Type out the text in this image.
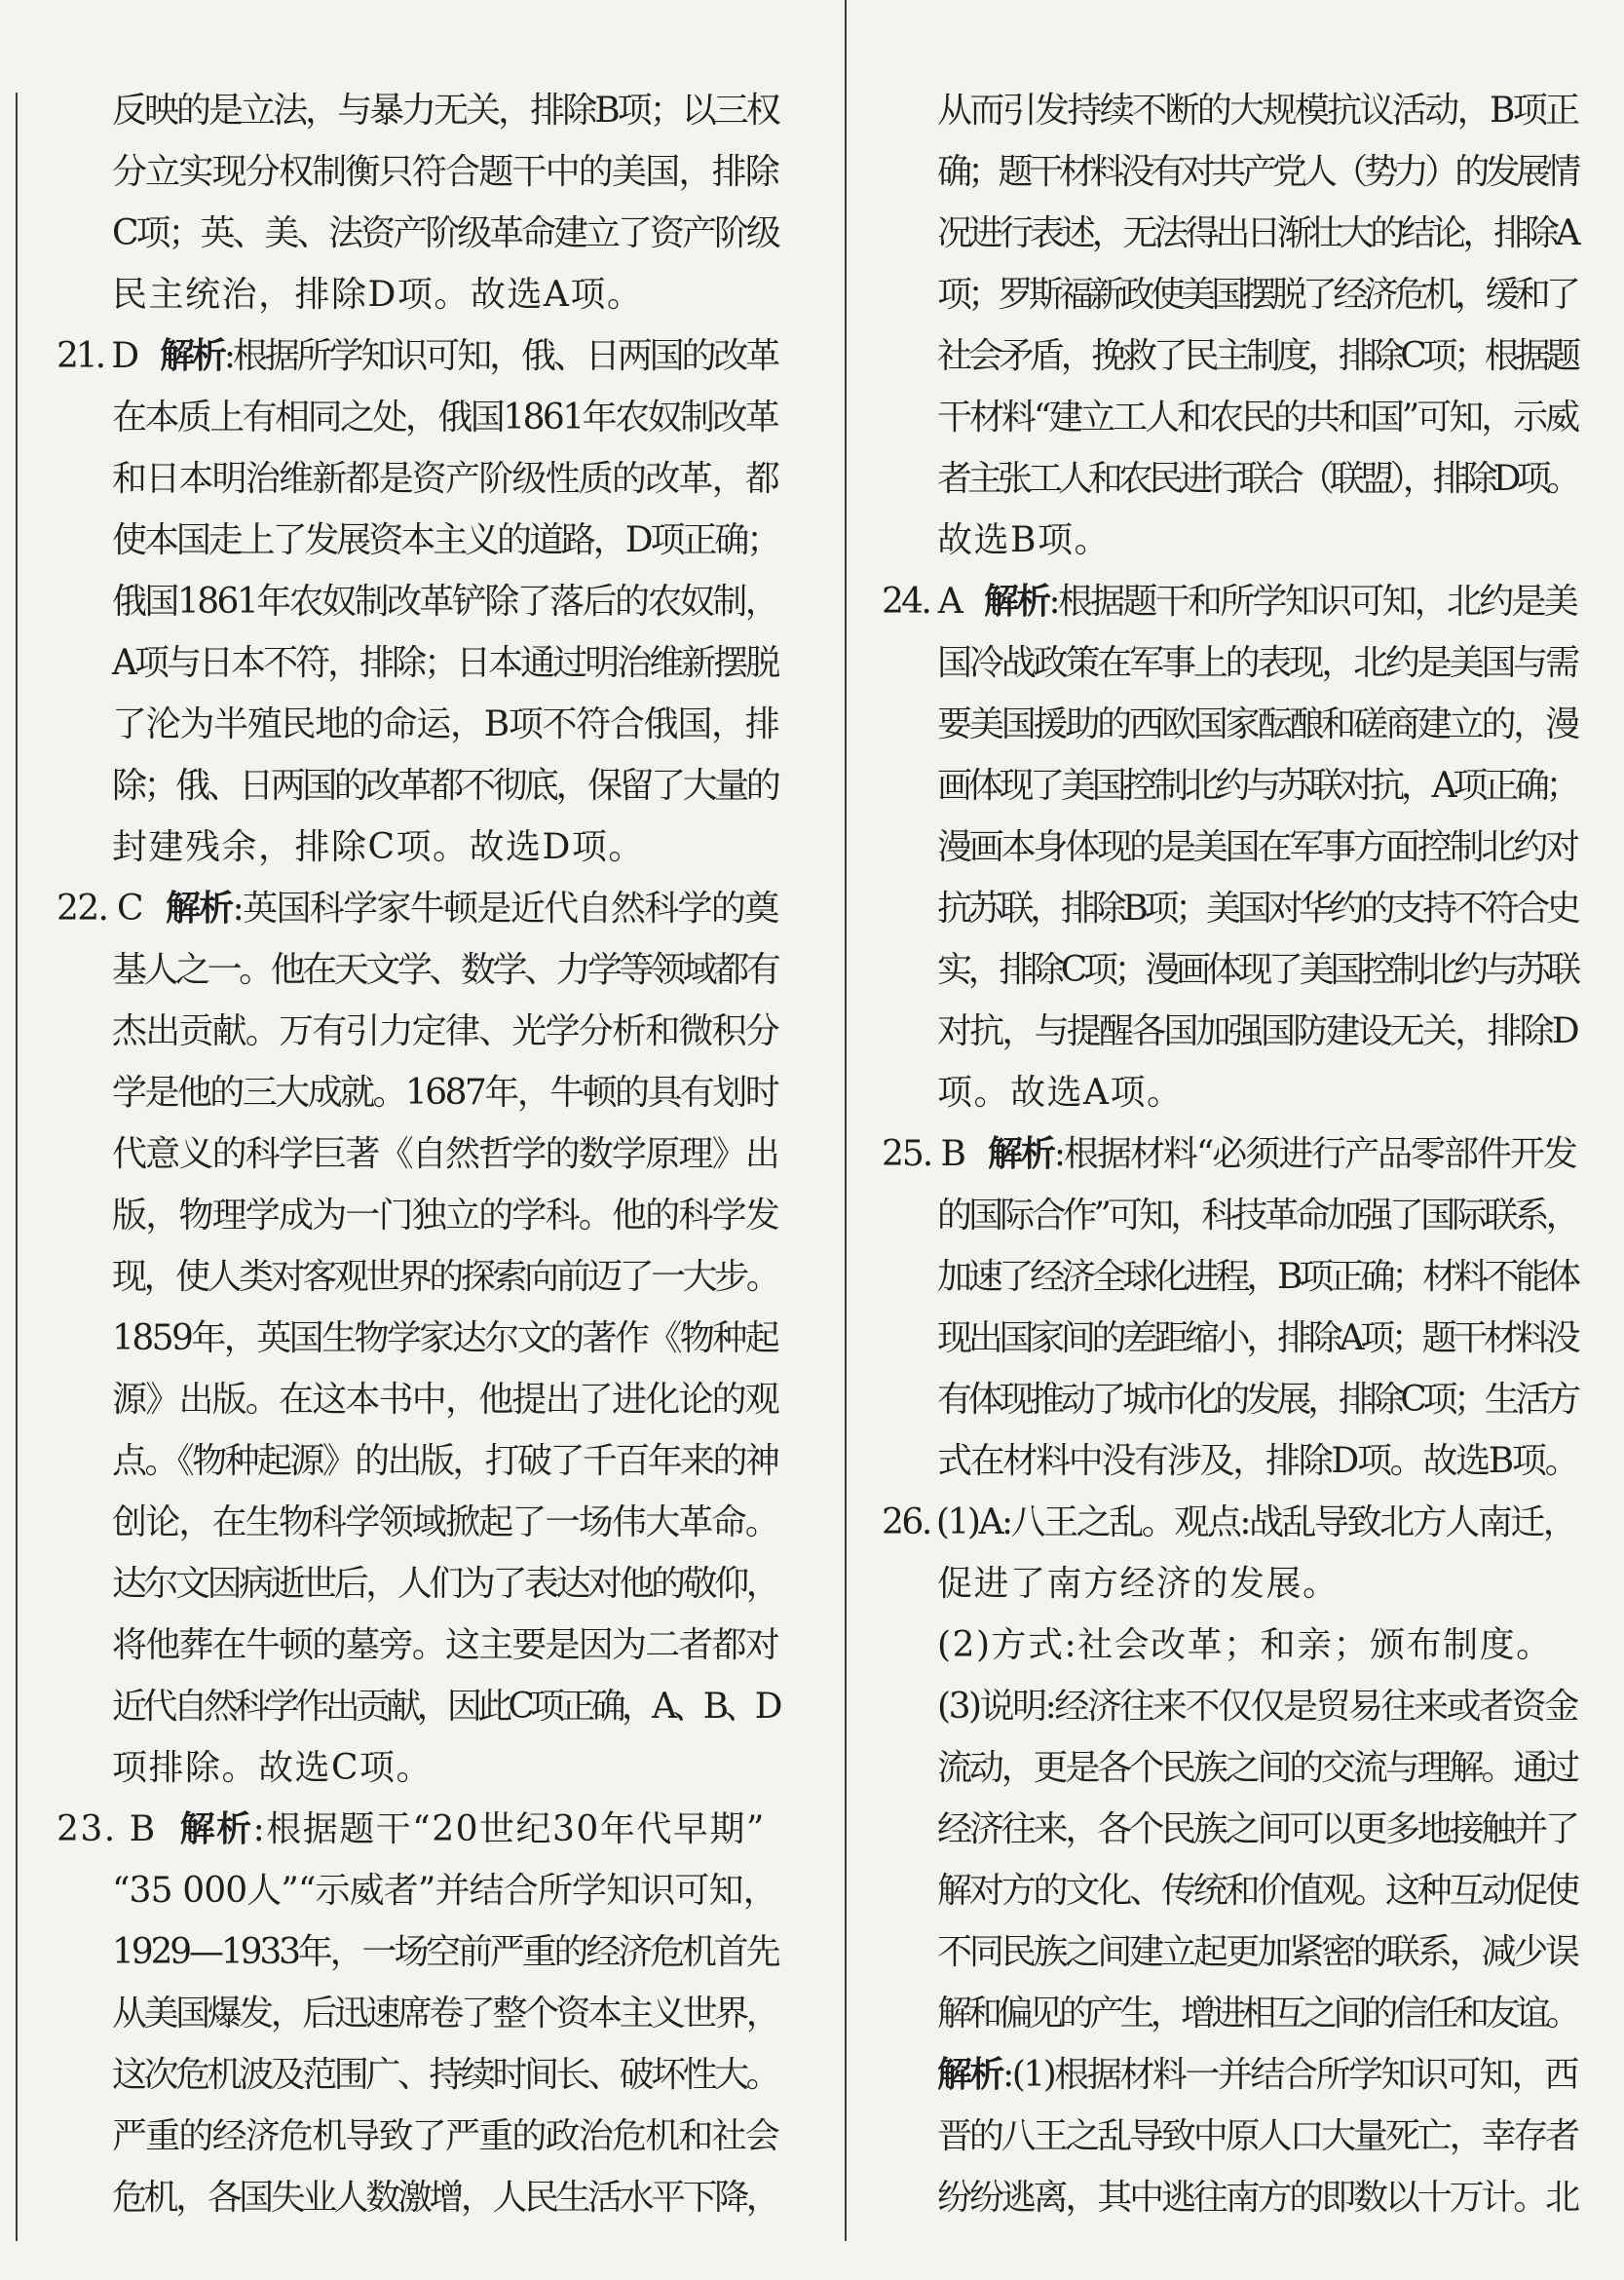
反映的是立法，与暴力无关，排除B项；以三权
分立实现分权制衡只符合题干中的美国，排除
C项；英、美、法资产阶级革命建立了资产阶级
民主统治，排除D项。故选A项。
21. D 解析:根据所学知识可知，俄、日两国的改革
在本质上有相同之处，俄国1861年农奴制改革
和日本明治维新都是资产阶级性质的改革，都
使本国走上了发展资本主义的道路，D项正确；
俄国1861年农奴制改革铲除了落后的农奴制，
A项与日本不符，排除；日本通过明治维新摆脱
了沦为半殖民地的命运，B项不符合俄国，排
除；俄、日两国的改革都不彻底，保留了大量的
封建残余，排除C项。故选D项。
22. C 解析:英国科学家牛顿是近代自然科学的奠
基人之一。他在天文学、数学、力学等领域都有
杰出贡献。万有引力定律、光学分析和微积分
学是他的三大成就。1687年，牛顿的具有划时
代意义的科学巨著《自然哲学的数学原理》出
版，物理学成为一门独立的学科。他的科学发
现，使人类对客观世界的探索向前迈了一大步。
1859年，英国生物学家达尔文的著作《物种起
源》出版。在这本书中，他提出了进化论的观
点。《物种起源》的出版，打破了千百年来的神
创论，在生物科学领域掀起了一场伟大革命。
达尔文因病逝世后，人们为了表达对他的敬仰，
将他葬在牛顿的墓旁。这主要是因为二者都对
近代自然科学作出贡献，因此C项正确，A、B、D
项排除。故选C项。
23. B 解析:根据题干“20世纪30年代早期”
“35 000人”“示威者”并结合所学知识可知，
1929—1933年，一场空前严重的经济危机首先
从美国爆发，后迅速席卷了整个资本主义世界，
这次危机波及范围广、持续时间长、破坏性大。
严重的经济危机导致了严重的政治危机和社会
危机，各国失业人数激增，人民生活水平下降，
从而引发持续不断的大规模抗议活动，B项正
确；题干材料没有对共产党人（势力）的发展情
况进行表述，无法得出日渐壮大的结论，排除A
项；罗斯福新政使美国摆脱了经济危机，缓和了
社会矛盾，挽救了民主制度，排除C项；根据题
干材料“建立工人和农民的共和国”可知，示威
者主张工人和农民进行联合（联盟），排除D项。
故选B项。
24. A 解析:根据题干和所学知识可知，北约是美
国冷战政策在军事上的表现，北约是美国与需
要美国援助的西欧国家酝酿和磋商建立的，漫
画体现了美国控制北约与苏联对抗，A项正确；
漫画本身体现的是美国在军事方面控制北约对
抗苏联，排除B项；美国对华约的支持不符合史
实，排除C项；漫画体现了美国控制北约与苏联
对抗，与提醒各国加强国防建设无关，排除D
项。故选A项。
25. B 解析:根据材料“必须进行产品零部件开发
的国际合作”可知，科技革命加强了国际联系，
加速了经济全球化进程，B项正确；材料不能体
现出国家间的差距缩小，排除A项；题干材料没
有体现推动了城市化的发展，排除C项；生活方
式在材料中没有涉及，排除D项。故选B项。
26. (1)A:八王之乱。观点:战乱导致北方人南迁，
促进了南方经济的发展。
(2)方式:社会改革；和亲；颁布制度。
(3)说明:经济往来不仅仅是贸易往来或者资金
流动，更是各个民族之间的交流与理解。通过
经济往来，各个民族之间可以更多地接触并了
解对方的文化、传统和价值观。这种互动促使
不同民族之间建立起更加紧密的联系，减少误
解和偏见的产生，增进相互之间的信任和友谊。
解析:(1)根据材料一并结合所学知识可知，西
晋的八王之乱导致中原人口大量死亡，幸存者
纷纷逃离，其中逃往南方的即数以十万计。北
